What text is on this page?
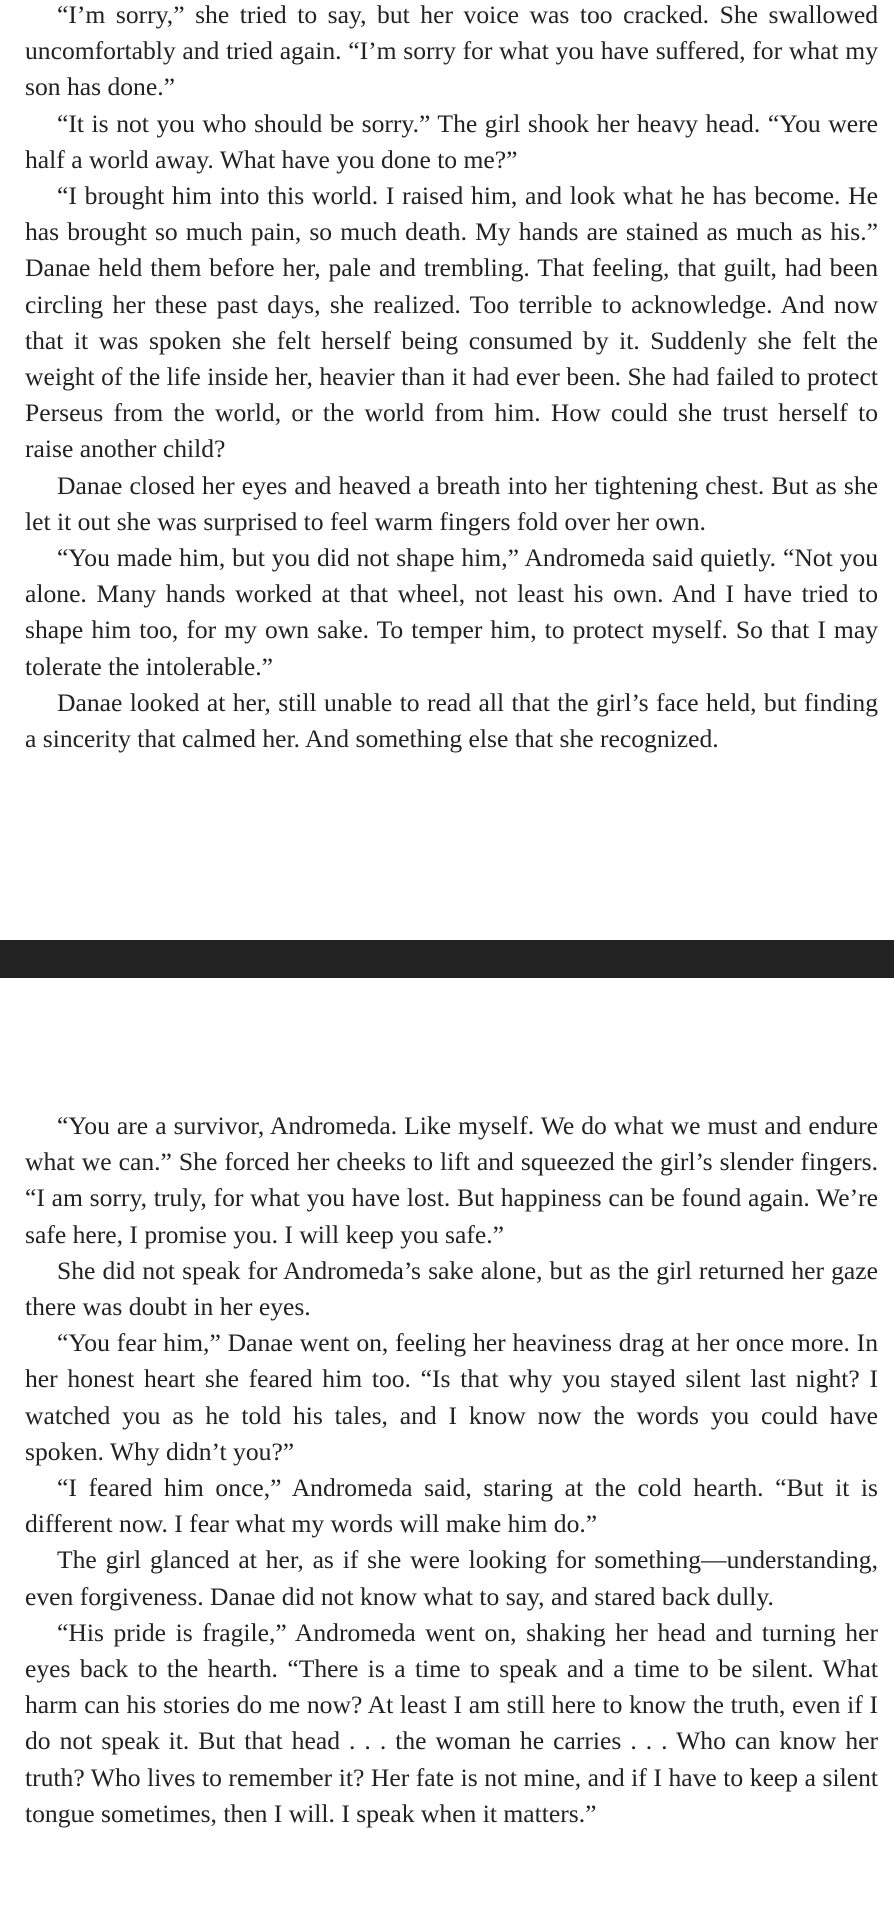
“I’m sorry,” she tried to say, but her voice was too cracked. She swallowed uncomfortably and tried again. “I’m sorry for what you have suffered, for what my son has done.”

“It is not you who should be sorry.” The girl shook her heavy head. “You were half a world away. What have you done to me?”

“I brought him into this world. I raised him, and look what he has become. He has brought so much pain, so much death. My hands are stained as much as his.” Danae held them before her, pale and trembling. That feeling, that guilt, had been circling her these past days, she realized. Too terrible to acknowledge. And now that it was spoken she felt herself being consumed by it. Suddenly she felt the weight of the life inside her, heavier than it had ever been. She had failed to protect Perseus from the world, or the world from him. How could she trust herself to raise another child?

Danae closed her eyes and heaved a breath into her tightening chest. But as she let it out she was surprised to feel warm fingers fold over her own.

“You made him, but you did not shape him,” Andromeda said quietly. “Not you alone. Many hands worked at that wheel, not least his own. And I have tried to shape him too, for my own sake. To temper him, to protect myself. So that I may tolerate the intolerable.”

Danae looked at her, still unable to read all that the girl’s face held, but finding a sincerity that calmed her. And something else that she recognized.

“You are a survivor, Andromeda. Like myself. We do what we must and endure what we can.” She forced her cheeks to lift and squeezed the girl’s slender fingers. “I am sorry, truly, for what you have lost. But happiness can be found again. We’re safe here, I promise you. I will keep you safe.”

She did not speak for Andromeda’s sake alone, but as the girl returned her gaze there was doubt in her eyes.

“You fear him,” Danae went on, feeling her heaviness drag at her once more. In her honest heart she feared him too. “Is that why you stayed silent last night? I watched you as he told his tales, and I know now the words you could have spoken. Why didn’t you?”

“I feared him once,” Andromeda said, staring at the cold hearth. “But it is different now. I fear what my words will make him do.”

The girl glanced at her, as if she were looking for something—understanding, even forgiveness. Danae did not know what to say, and stared back dully.

“His pride is fragile,” Andromeda went on, shaking her head and turning her eyes back to the hearth. “There is a time to speak and a time to be silent. What harm can his stories do me now? At least I am still here to know the truth, even if I do not speak it. But that head . . . the woman he carries . . . Who can know her truth? Who lives to remember it? Her fate is not mine, and if I have to keep a silent tongue sometimes, then I will. I speak when it matters.”
